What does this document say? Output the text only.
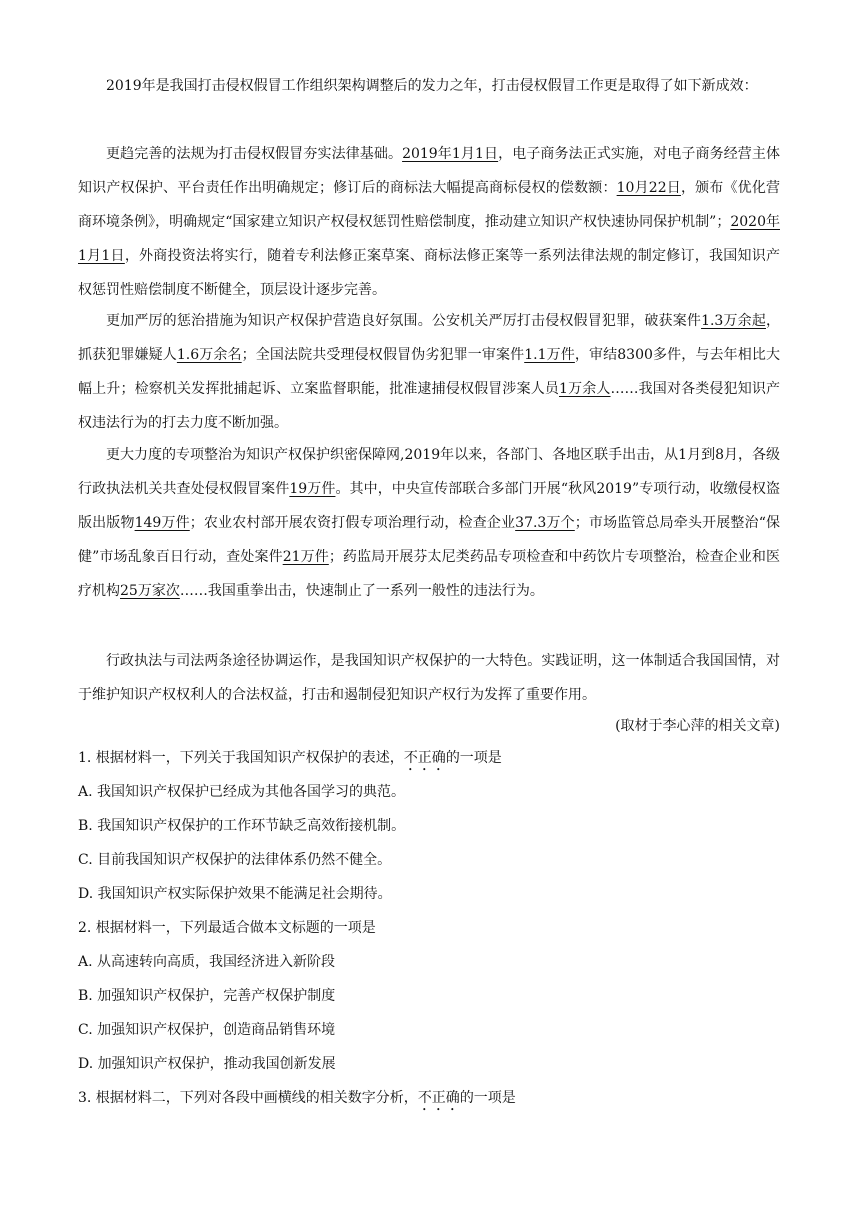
2019年是我国打击侵权假冒工作组织架构调整后的发力之年，打击侵权假冒工作更是取得了如下新成效：

更趋完善的法规为打击侵权假冒夯实法律基础。2019年1月1日，电子商务法正式实施，对电子商务经营主体知识产权保护、平台责任作出明确规定；修订后的商标法大幅提高商标侵权的偿数额：10月22日，颁布《优化营商环境条例》，明确规定“国家建立知识产权侵权惩罚性赔偿制度，推动建立知识产权快速协同保护机制”；2020年1月1日，外商投资法将实行，随着专利法修正案草案、商标法修正案等一系列法律法规的制定修订，我国知识产权惩罚性赔偿制度不断健全，顶层设计逐步完善。

更加严厉的惩治措施为知识产权保护营造良好氛围。公安机关严厉打击侵权假冒犯罪，破获案件1.3万余起，抓获犯罪嫌疑人1.6万余名；全国法院共受理侵权假冒伪劣犯罪一审案件1.1万件，审结8300多件，与去年相比大幅上升；检察机关发挥批捕起诉、立案监督职能，批准逮捕侵权假冒涉案人员1万余人……我国对各类侵犯知识产权违法行为的打去力度不断加强。

更大力度的专项整治为知识产权保护织密保障网,2019年以来，各部门、各地区联手出击，从1月到8月，各级行政执法机关共查处侵权假冒案件19万件。其中，中央宣传部联合多部门开展“秋风2019”专项行动，收缴侵权盗版出版物149万件；农业农村部开展农资打假专项治理行动，检查企业37.3万个；市场监管总局牵头开展整治“保健”市场乱象百日行动，查处案件21万件；药监局开展芬太尼类药品专项检查和中药饮片专项整治，检查企业和医疗机构25万家次……我国重拳出击，快速制止了一系列一般性的违法行为。

行政执法与司法两条途径协调运作，是我国知识产权保护的一大特色。实践证明，这一体制适合我国国情，对于维护知识产权权利人的合法权益，打击和遏制侵犯知识产权行为发挥了重要作用。

(取材于李心萍的相关文章)

1. 根据材料一，下列关于我国知识产权保护的表述，不正确的一项是

A. 我国知识产权保护已经成为其他各国学习的典范。

B. 我国知识产权保护的工作环节缺乏高效衔接机制。

C. 目前我国知识产权保护的法律体系仍然不健全。

D. 我国知识产权实际保护效果不能满足社会期待。

2. 根据材料一，下列最适合做本文标题的一项是

A. 从高速转向高质，我国经济进入新阶段

B. 加强知识产权保护，完善产权保护制度

C. 加强知识产权保护，创造商品销售环境

D. 加强知识产权保护，推动我国创新发展

3. 根据材料二，下列对各段中画横线的相关数字分析，不正确的一项是
